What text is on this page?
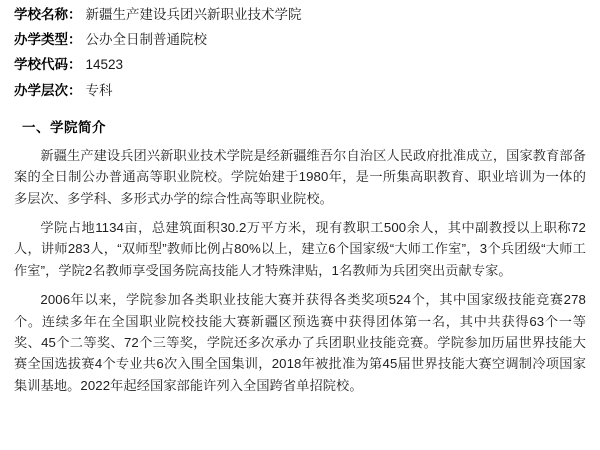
学校名称： 新疆生产建设兵团兴新职业技术学院
办学类型： 公办全日制普通院校
学校代码： 14523
办学层次： 专科
一、学院简介

新疆生产建设兵团兴新职业技术学院是经新疆维吾尔自治区人民政府批准成立，国家教育部备案的全日制公办普通高等职业院校。学院始建于1980年，是一所集高职教育、职业培训为一体的多层次、多学科、多形式办学的综合性高等职业院校。

学院占地1134亩，总建筑面积30.2万平方米，现有教职工500余人，其中副教授以上职称72人，讲师283人，“双师型”教师比例占80%以上，建立6个国家级“大师工作室”，3个兵团级“大师工作室”，学院2名教师享受国务院高技能人才特殊津贴，1名教师为兵团突出贡献专家。

2006年以来，学院参加各类职业技能大赛并获得各类奖项524个，其中国家级技能竞赛278个。连续多年在全国职业院校技能大赛新疆区预选赛中获得团体第一名，其中共获得63个一等奖、45个二等奖、72个三等奖，学院还多次承办了兵团职业技能竞赛。学院参加历届世界技能大赛全国选拔赛4个专业共6次入围全国集训，2018年被批准为第45届世界技能大赛空调制冷项国家集训基地。2022年起经国家部能许列入全国跨省单招院校。
